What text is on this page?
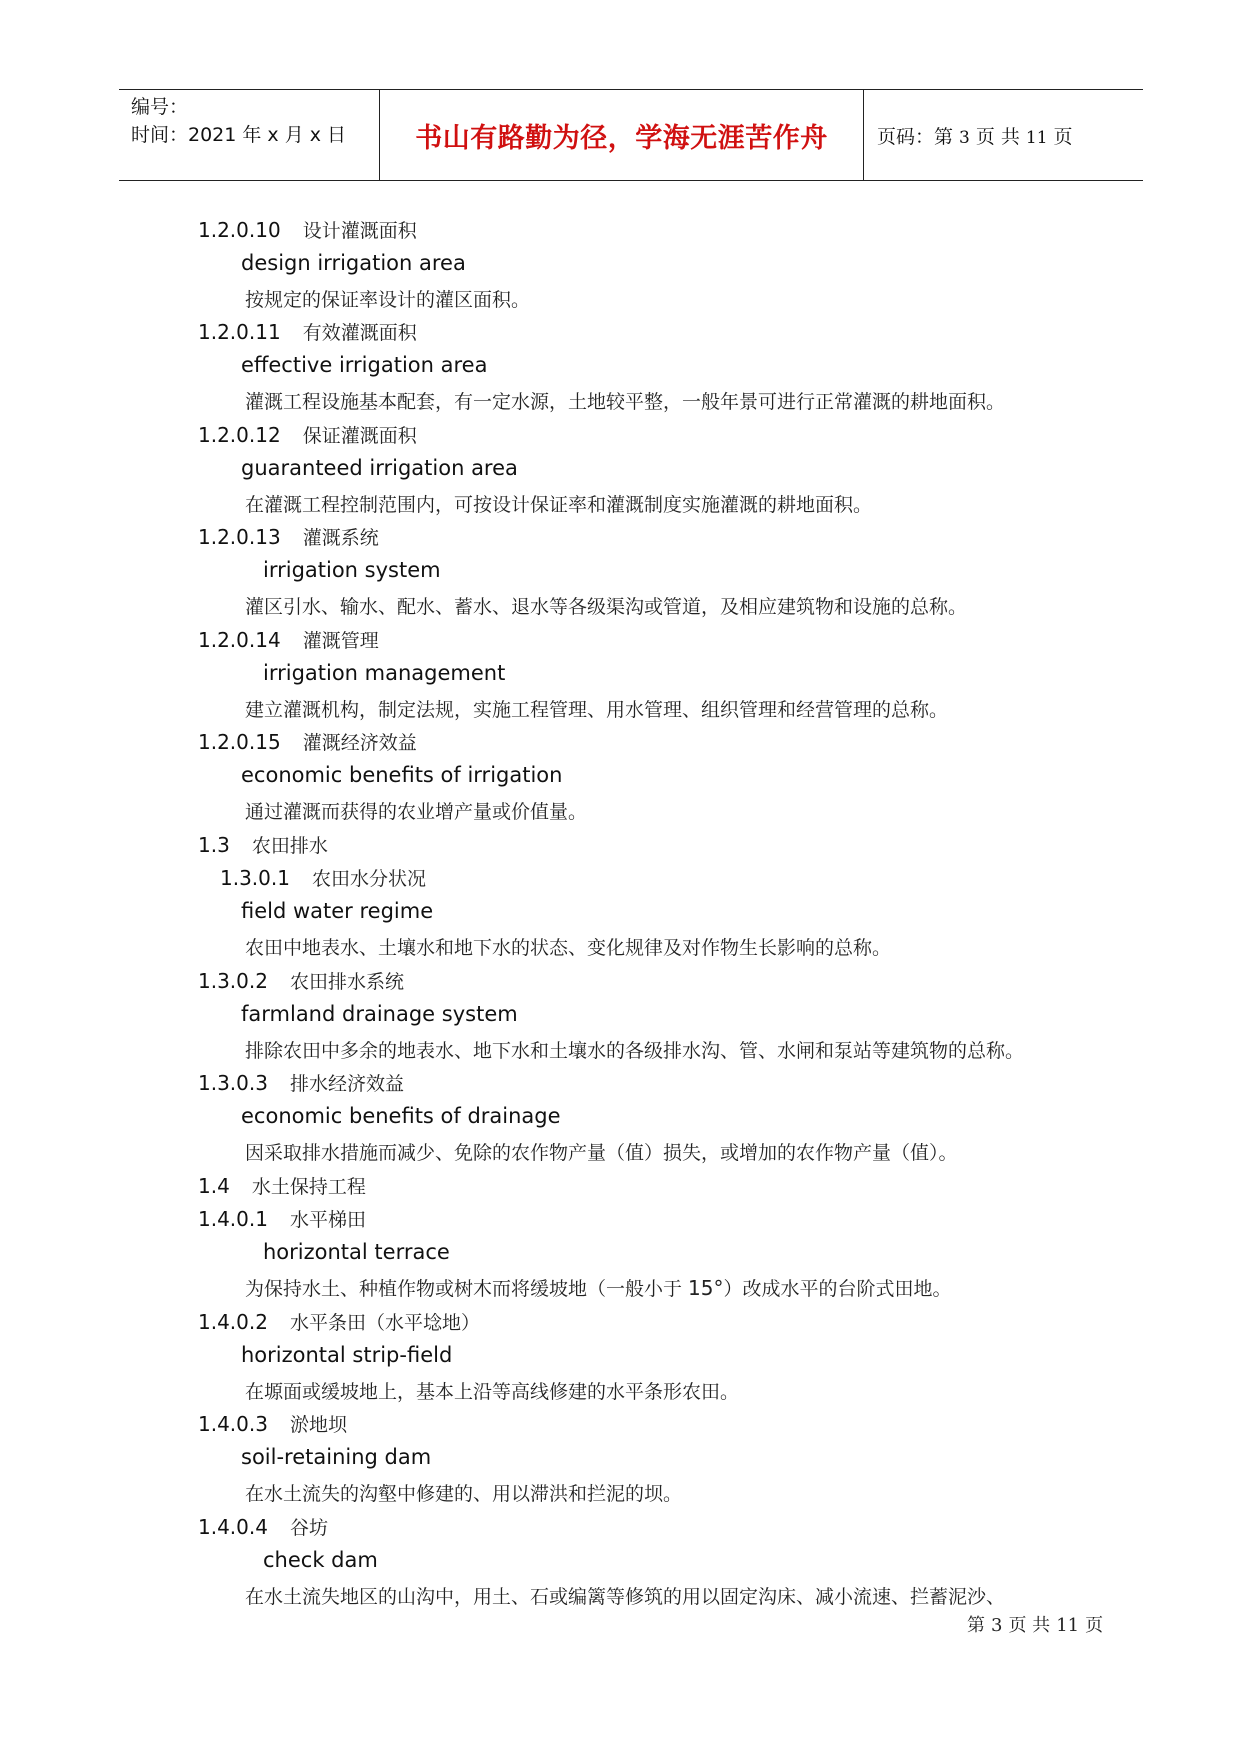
编号：
时间：2021 年 x 月 x 日	书山有路勤为径，学海无涯苦作舟	页码：第 3 页 共 11 页
1.2.0.10 设计灌溉面积
design irrigation area
按规定的保证率设计的灌区面积。
1.2.0.11 有效灌溉面积
effective irrigation area
灌溉工程设施基本配套，有一定水源，土地较平整，一般年景可进行正常灌溉的耕地面积。
1.2.0.12 保证灌溉面积
guaranteed irrigation area
在灌溉工程控制范围内，可按设计保证率和灌溉制度实施灌溉的耕地面积。
1.2.0.13 灌溉系统
irrigation system
灌区引水、输水、配水、蓄水、退水等各级渠沟或管道，及相应建筑物和设施的总称。
1.2.0.14 灌溉管理
irrigation management
建立灌溉机构，制定法规，实施工程管理、用水管理、组织管理和经营管理的总称。
1.2.0.15 灌溉经济效益
economic benefits of irrigation
通过灌溉而获得的农业增产量或价值量。
1.3 农田排水
1.3.0.1 农田水分状况
field water regime
农田中地表水、土壤水和地下水的状态、变化规律及对作物生长影响的总称。
1.3.0.2 农田排水系统
farmland drainage system
排除农田中多余的地表水、地下水和土壤水的各级排水沟、管、水闸和泵站等建筑物的总称。
1.3.0.3 排水经济效益
economic benefits of drainage
因采取排水措施而减少、免除的农作物产量（值）损失，或增加的农作物产量（值）。
1.4 水土保持工程
1.4.0.1 水平梯田
horizontal terrace
为保持水土、种植作物或树木而将缓坡地（一般小于 15°）改成水平的台阶式田地。
1.4.0.2 水平条田（水平埝地）
horizontal strip-field
在塬面或缓坡地上，基本上沿等高线修建的水平条形农田。
1.4.0.3 淤地坝
soil-retaining dam
在水土流失的沟壑中修建的、用以滞洪和拦泥的坝。
1.4.0.4 谷坊
check dam
在水土流失地区的山沟中，用土、石或编篱等修筑的用以固定沟床、减小流速、拦蓄泥沙、
第 3 页 共 11 页
